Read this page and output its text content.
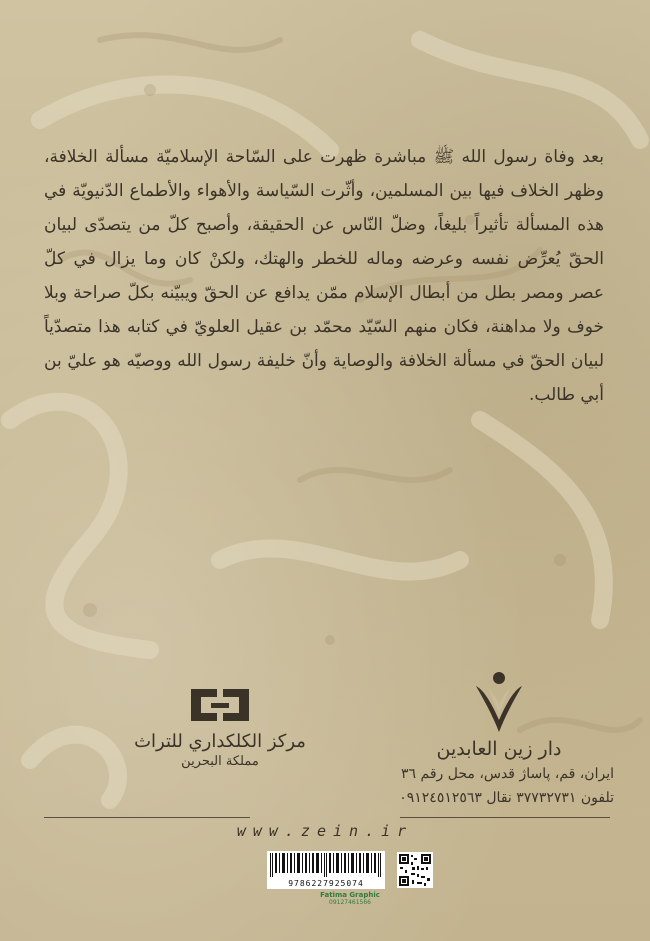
بعد وفاة رسول الله ﷺ مباشرة ظهرت على السّاحة الإسلاميّة مسألة الخلافة، وظهر الخلاف فيها بين المسلمين، وأثّرت السّياسة والأهواء والأطماع الدّنيويّة في هذه المسألة تأثيراً بليغاً، وضلّ النّاس عن الحقيقة، وأصبح كلّ من يتصدّى لبيان الحقّ يُعرِّض نفسه وعرضه وماله للخطر والهتك، ولكنْ كان وما يزال في كلّ عصر ومصر بطل من أبطال الإسلام ممّن يدافع عن الحقّ ويبيّنه بكلّ صراحة وبلا خوف ولا مداهنة، فكان منهم السّيّد محمّد بن عقيل العلويّ في كتابه هذا متصدّياً لبيان الحقّ في مسألة الخلافة والوصاية وأنّ خليفة رسول الله ووصيّه هو عليّ بن أبي طالب.

دار زين العابدين
ايران، قم، پاساژ قدس، محل رقم ٣٦
تلفون ٣٧٧٣٢٧٣١ نقال ٠٩١٢٤٥١٢٥٦٣
مركز الكلكداري للتراث
مملكة البحرين
www.zein.ir
9786227925074
Fatima Graphic
09127461566
